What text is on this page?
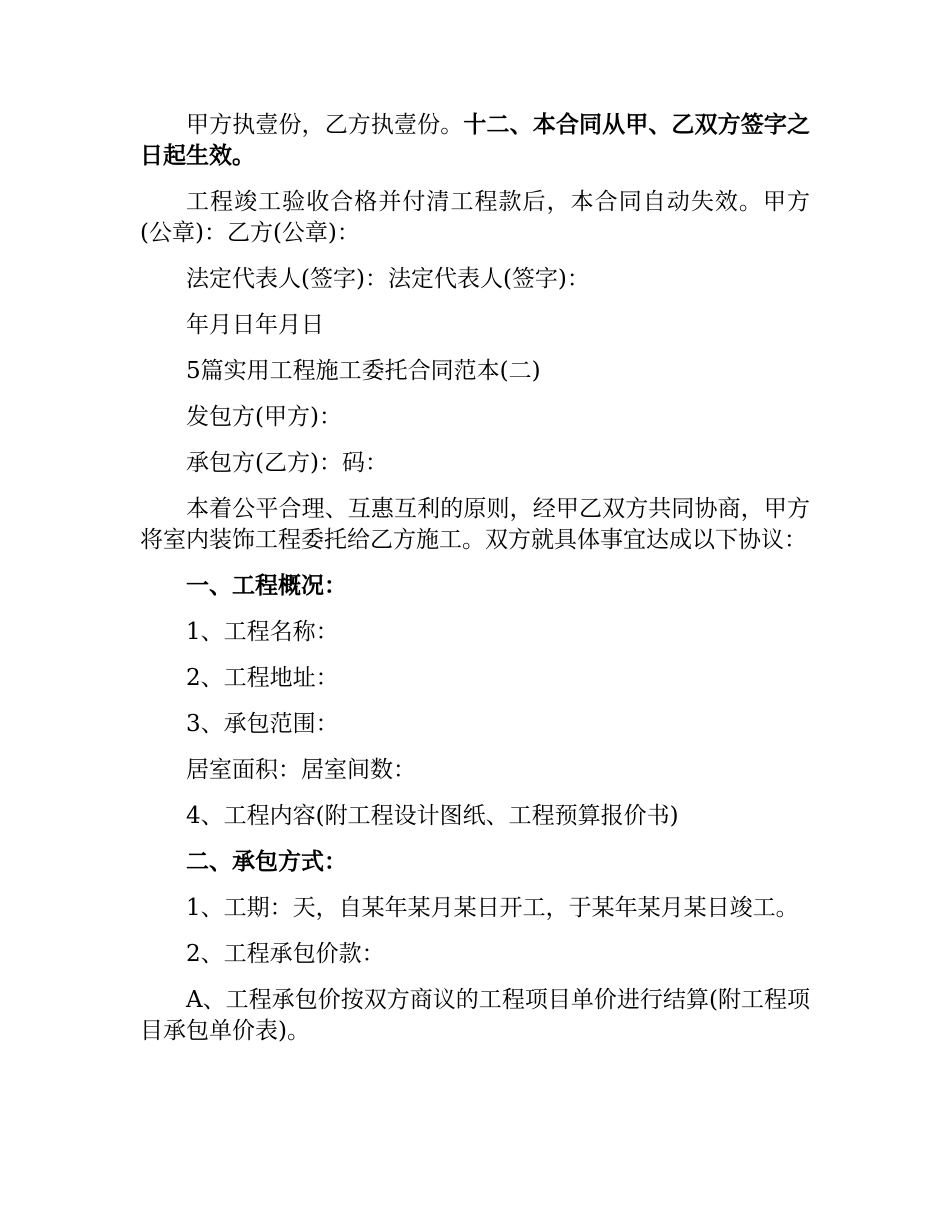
甲方执壹份，乙方执壹份。十二、本合同从甲、乙双方签字之日起生效。

工程竣工验收合格并付清工程款后，本合同自动失效。甲方(公章)：乙方(公章)：

法定代表人(签字)：法定代表人(签字)：

年月日年月日

5篇实用工程施工委托合同范本(二)

发包方(甲方)：

承包方(乙方)：码：

本着公平合理、互惠互利的原则，经甲乙双方共同协商，甲方将室内装饰工程委托给乙方施工。双方就具体事宜达成以下协议：

一、工程概况：

1、工程名称：

2、工程地址：

3、承包范围：

居室面积：居室间数：

4、工程内容(附工程设计图纸、工程预算报价书)

二、承包方式：

1、工期：天，自某年某月某日开工，于某年某月某日竣工。

2、工程承包价款：

A、工程承包价按双方商议的工程项目单价进行结算(附工程项目承包单价表)。
